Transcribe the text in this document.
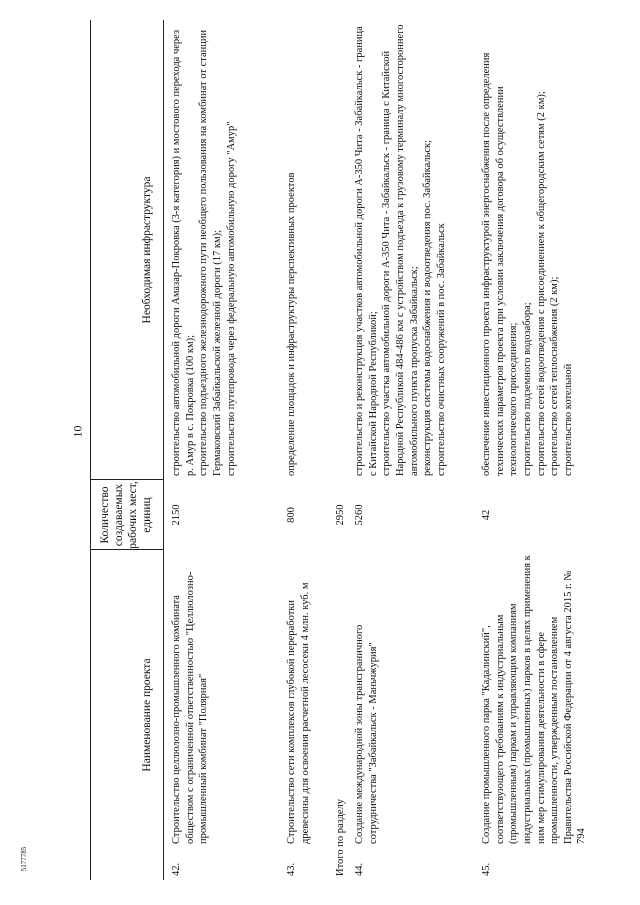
10
5177785
Наименование проекта
Количество создаваемых рабочих мест, единиц
Необходимая инфраструктура
42.
Строительство целлюлозно-промышленного комбината обществом с ограниченной ответственностью "Целлюлозно-промышленный комбинат "Полярная"
2150
строительство автомобильной дороги Амазар-Покровка (3-я категория) и мостового перехода через р. Амур в с. Покровка (100 км); строительство подъездного железнодорожного пути необщего пользования на комбинат от станции Гермаковский Забайкальской железной дороги (17 км); строительство путепровода через федеральную автомобильную дорогу "Амур"
43.
Строительство сети комплексов глубокой переработки древесины для освоения расчетной лесосеки 4 млн. куб. м
800
определение площадок и инфраструктуры перспективных проектов
Итого по разделу
2950
44.
Создание международной зоны трансграничного сотрудничества "Забайкальск - Маньчжурия"
5260
строительство и реконструкция участков автомобильной дороги А-350 Чита - Забайкальск - граница с Китайской Народной Республикой; строительство участка автомобильной дороги А-350 Чита - Забайкальск - граница с Китайской Народной Республикой 484-486 км с устройством подъезда к грузовому терминалу многостороннего автомобильного пункта пропуска Забайкальск; реконструкция системы водоснабжения и водоотведения пос. Забайкальск; строительство очистных сооружений в пос. Забайкальск
45.
Создание промышленного парка "Кадалинский", соответствующего требованиям к индустриальным (промышленным) паркам и управляющим компаниям индустриальных (промышленных) парков в целях применения к ним мер стимулирования деятельности в сфере промышленности, утвержденным постановлением Правительства Российской Федерации от 4 августа 2015 г. № 794
42
обеспечение инвестиционного проекта инфраструктурой энергоснабжения после определения технических параметров проекта при условии заключения договора об осуществлении технологического присоединения; строительство подземного водозабора; строительство сетей водоотведения с присоединением к общегородским сетям (2 км); строительство сетей теплоснабжения (2 км); строительство котельной
